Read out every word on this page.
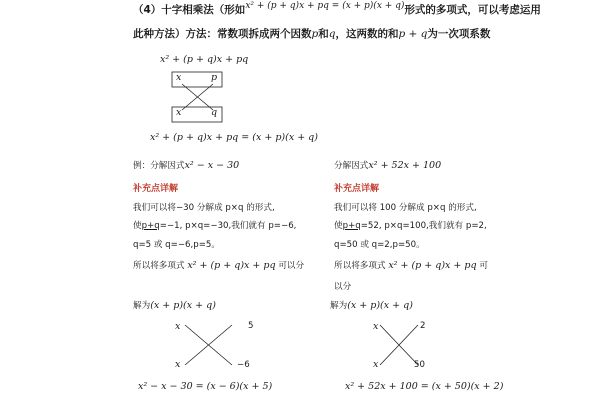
（4）十字相乘法（形如x² + (p + q)x + pq = (x + p)(x + q)形式的多项式，可以考虑运用
此种方法）方法：常数项拆成两个因数p和q，这两数的和p + q为一次项系数
x² + (p + q)x + pq
x	p
x	q
x² + (p + q)x + pq = (x + p)(x + q)
例：分解因式x² − x − 30
补充点详解
我们可以将−30 分解成 p×q 的形式,
使p+q=−1, p×q=−30,我们就有 p=−6,
q=5 或 q=−6,p=5。
所以将多项式 x² + (p + q)x + pq 可以分
解为(x + p)(x + q)
x	5
x	−6
x² − x − 30 = (x − 6)(x + 5)
分解因式x² + 52x + 100
补充点详解
我们可以将 100 分解成 p×q 的形式,
使p+q=52, p×q=100,我们就有 p=2,
q=50 或 q=2,p=50。
所以将多项式 x² + (p + q)x + pq 可
以分
解为(x + p)(x + q)
x	2
x	50
x² + 52x + 100 = (x + 50)(x + 2)
